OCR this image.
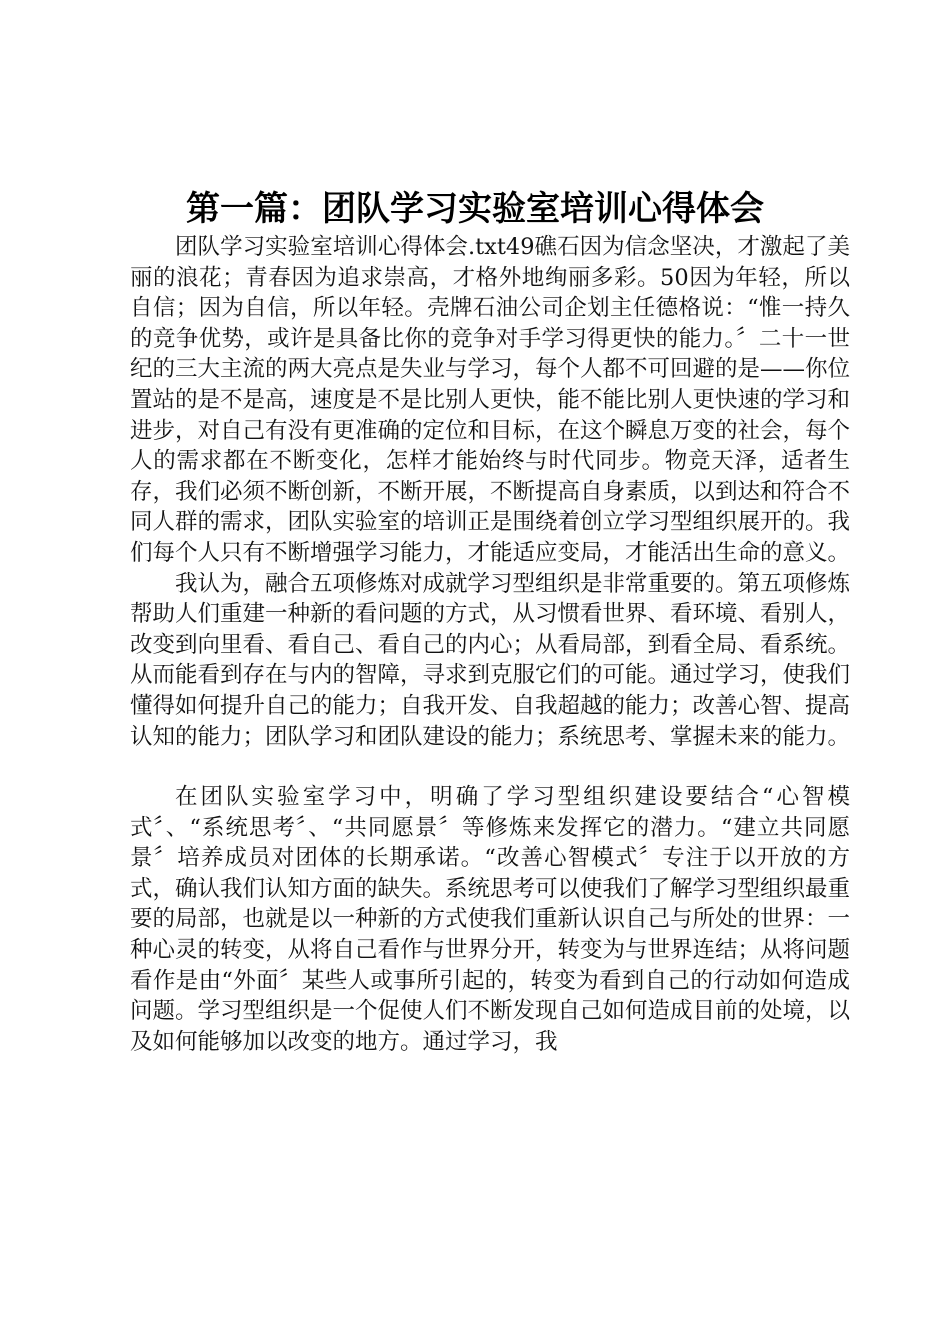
第一篇：团队学习实验室培训心得体会

团队学习实验室培训心得体会.txt49礁石因为信念坚决，才激起了美丽的浪花；青春因为追求崇高，才格外地绚丽多彩。50因为年轻，所以自信；因为自信，所以年轻。壳牌石油公司企划主任德格说：“惟一持久的竞争优势，或许是具备比你的竞争对手学习得更快的能力。〞二十一世纪的三大主流的两大亮点是失业与学习，每个人都不可回避的是——你位置站的是不是高，速度是不是比别人更快，能不能比别人更快速的学习和进步，对自己有没有更准确的定位和目标，在这个瞬息万变的社会，每个人的需求都在不断变化，怎样才能始终与时代同步。物竞天泽，适者生存，我们必须不断创新，不断开展，不断提高自身素质，以到达和符合不同人群的需求，团队实验室的培训正是围绕着创立学习型组织展开的。我们每个人只有不断增强学习能力，才能适应变局，才能活出生命的意义。

我认为，融合五项修炼对成就学习型组织是非常重要的。第五项修炼帮助人们重建一种新的看问题的方式，从习惯看世界、看环境、看别人，改变到向里看、看自己、看自己的内心；从看局部，到看全局、看系统。从而能看到存在与内的智障，寻求到克服它们的可能。通过学习，使我们懂得如何提升自己的能力；自我开发、自我超越的能力；改善心智、提高认知的能力；团队学习和团队建设的能力；系统思考、掌握未来的能力。

在团队实验室学习中，明确了学习型组织建设要结合“心智模式〞、“系统思考〞、“共同愿景〞等修炼来发挥它的潜力。“建立共同愿景〞培养成员对团体的长期承诺。“改善心智模式〞专注于以开放的方式，确认我们认知方面的缺失。系统思考可以使我们了解学习型组织最重要的局部，也就是以一种新的方式使我们重新认识自己与所处的世界：一种心灵的转变，从将自己看作与世界分开，转变为与世界连结；从将问题看作是由“外面〞某些人或事所引起的，转变为看到自己的行动如何造成问题。学习型组织是一个促使人们不断发现自己如何造成目前的处境，以及如何能够加以改变的地方。通过学习，我
